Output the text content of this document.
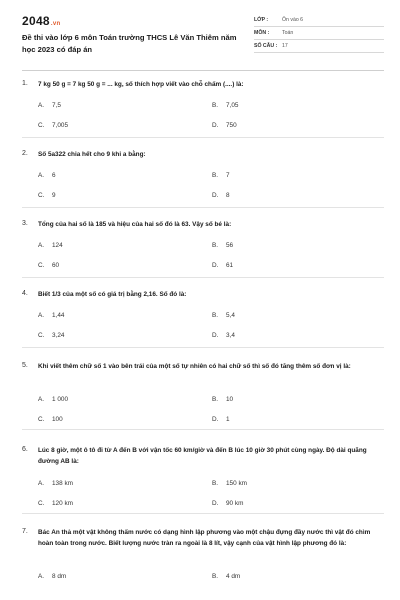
2048.vn
Đề thi vào lớp 6 môn Toán trường THCS Lê Văn Thiêm năm học 2023 có đáp án
LỚP :	Ôn vào 6
MÔN :	Toán
SỐ CÂU : 17
1. 7 kg 50 g = 7 kg 50 g = ... kg, số thích hợp viết vào chỗ chấm (....) là:
A. 7,5	B. 7,05
C. 7,005	D. 750
2. Số 5a322 chia hết cho 9 khi a bằng:
A. 6	B. 7
C. 9	D. 8
3. Tổng của hai số là 185 và hiệu của hai số đó là 63. Vậy số bé là:
A. 124	B. 56
C. 60	D. 61
4. Biết 1/3 của một số có giá trị bằng 2,16. Số đó là:
A. 1,44	B. 5,4
C. 3,24	D. 3,4
5. Khi viết thêm chữ số 1 vào bên trái của một số tự nhiên có hai chữ số thì số đó tăng thêm số đơn vị là:
A. 1 000	B. 10
C. 100	D. 1
6. Lúc 8 giờ, một ô tô đi từ A đến B với vận tốc 60 km/giờ và đến B lúc 10 giờ 30 phút cùng ngày. Độ dài quãng đường AB là:
A. 138 km	B. 150 km
C. 120 km	D. 90 km
7. Bác An thả một vật không thấm nước có dạng hình lập phương vào một chậu đựng đầy nước thì vật đó chìm hoàn toàn trong nước. Biết lượng nước tràn ra ngoài là 8 lít, vậy cạnh của vật hình lập phương đó là:
A. 8 dm	B. 4 dm
